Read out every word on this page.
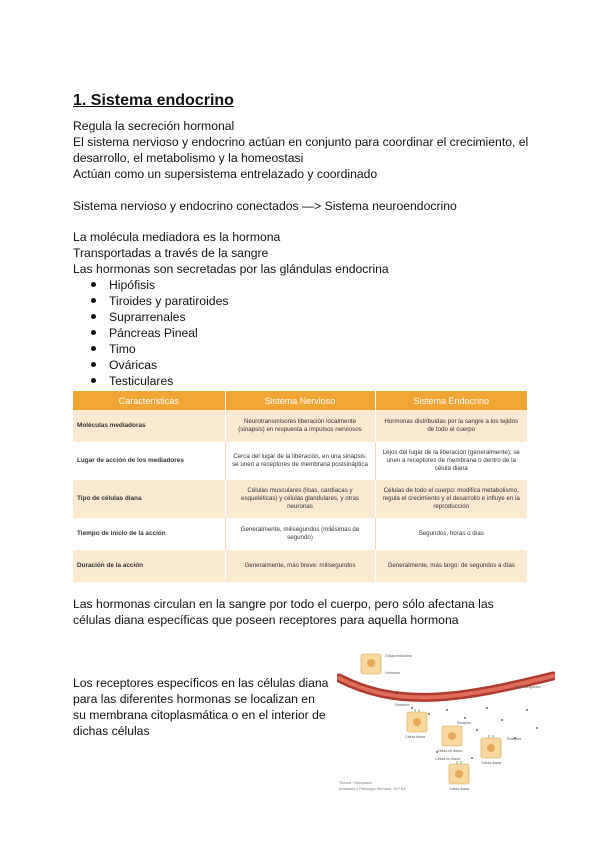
1. Sistema endocrino
Regula la secreción hormonal
El sistema nervioso y endocrino actúan en conjunto para coordinar el crecimiento, el
desarrollo, el metabolismo y la homeostasi
Actúan como un supersistema entrelazado y coordinado
Sistema nervioso y endocrino conectados —> Sistema neuroendocrino
La molécula mediadora es la hormona
Transportadas a través de la sangre
Las hormonas son secretadas por las glándulas endocrina
Hipófisis
Tiroides y paratiroides
Suprarrenales
Páncreas Pineal
Timo
Ováricas
Testiculares
Características	Sistema Nervioso	Sistema Endocrino
Moléculas mediadoras	Neurotransmisores liberación localmente (sinapsis) en respuesta a impulsos nerviosos	Hormonas distribuidas por la sangre a los tejidos de todo el cuerpo
Lugar de acción de los mediadores	Cerca del lugar de la liberación, en una sinapsis; se unen a receptores de membrana postsináptica	Lejos del lugar de la liberación (generalmente); se unen a receptores de membrana o dentro de la célula diana
Tipo de células diana	Células musculares (lisas, cardíacas y esqueléticas) y células glandulares, y otras neuronas	Células de todo el cuerpo: modifica metabolismo, regula el crecimiento y el desarrollo e influye en la reproducción
Tiempo de inicio de la acción	Generalmente, milisegundos (milésimas de segundo)	Segundos, horas o días
Duración de la acción	Generalmente, más breve: milisegundos	Generalmente, más largo: de segundos a días
Las hormonas circulan en la sangre por todo el cuerpo, pero sólo afectana las
células diana específicas que poseen receptores para aquella hormona
Los receptores específicos en las células diana
para las diferentes hormonas se localizan en
su membrana citoplasmática o en el interior de
dichas células
Célula endocrina
Hormona
Receptor
Flujo sanguíneo
Célula diana
Célula no diana
Receptor
Célula no diana
Célula diana
Receptor
Célula diana
Tortora · Derrickson
Anatomía y Fisiología Humana. 13.ª Ed.
